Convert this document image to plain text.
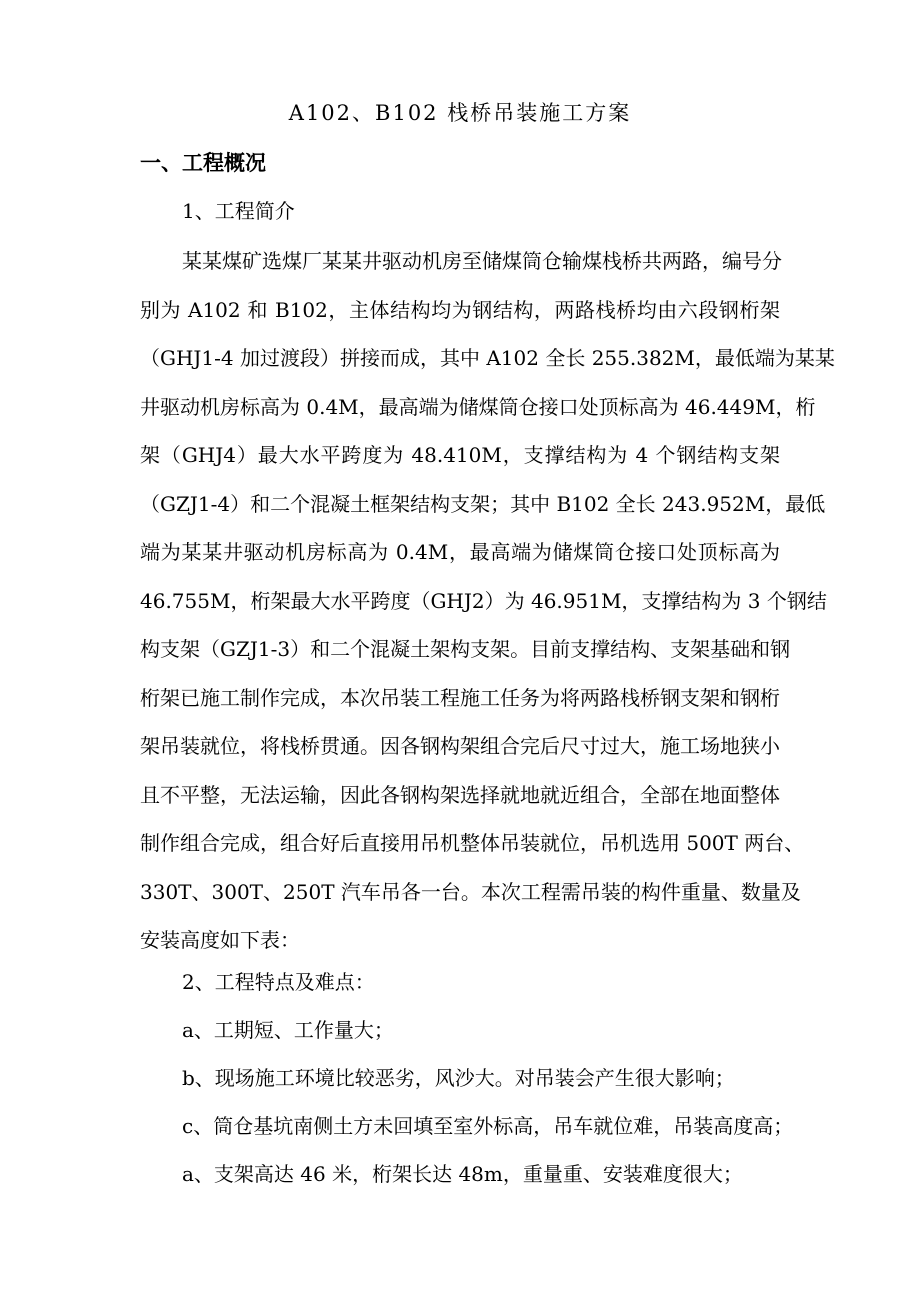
A102、B102 栈桥吊装施工方案
一、工程概况
1、工程简介
某某煤矿选煤厂某某井驱动机房至储煤筒仓输煤栈桥共两路，编号分
别为 A102 和 B102，主体结构均为钢结构，两路栈桥均由六段钢桁架
（GHJ1-4 加过渡段）拼接而成，其中 A102 全长 255.382M，最低端为某某
井驱动机房标高为 0.4M，最高端为储煤筒仓接口处顶标高为 46.449M，桁
架（GHJ4）最大水平跨度为 48.410M，支撑结构为 4 个钢结构支架
（GZJ1-4）和二个混凝土框架结构支架；其中 B102 全长 243.952M，最低
端为某某井驱动机房标高为 0.4M，最高端为储煤筒仓接口处顶标高为
46.755M，桁架最大水平跨度（GHJ2）为 46.951M，支撑结构为 3 个钢结
构支架（GZJ1-3）和二个混凝土架构支架。目前支撑结构、支架基础和钢
桁架已施工制作完成，本次吊装工程施工任务为将两路栈桥钢支架和钢桁
架吊装就位，将栈桥贯通。因各钢构架组合完后尺寸过大，施工场地狭小
且不平整，无法运输，因此各钢构架选择就地就近组合，全部在地面整体
制作组合完成，组合好后直接用吊机整体吊装就位，吊机选用 500T 两台、
330T、300T、250T 汽车吊各一台。本次工程需吊装的构件重量、数量及
安装高度如下表：
2、工程特点及难点：
a、工期短、工作量大；
b、现场施工环境比较恶劣，风沙大。对吊装会产生很大影响；
c、筒仓基坑南侧土方未回填至室外标高，吊车就位难，吊装高度高；
a、支架高达 46 米，桁架长达 48m，重量重、安装难度很大；
